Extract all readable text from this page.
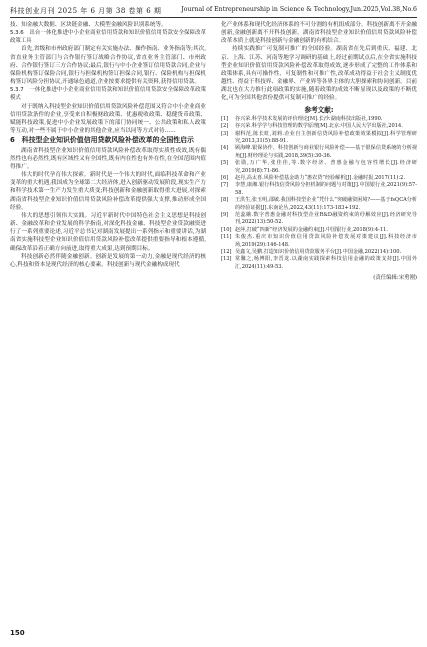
科技创业月刊 2025 年 6 月第 38 卷第 6 期	Journal of Entrepreneurship in Science & Technology,Jun.2025,Vol.38,No.6

技、知金融大数据、区块链金融、大模型金融风险识别系统等。

5.3.6　出台一体化推进中小企业商业信用贷款和知识价值信用贷款安全保障改革政策工具

首先,省级和市州政府部门制定有关实施办法、操作指南、业务指南等;其次,省直业务主管部门与合作银行签订战略合作协议,省直业务主管部门、市州政府、合作银行签订三方合作协议;最后,银行与中小企业签订信用贷款合同,企业与保险机构签订保险合同,银行与担保机构签订担保合同,银行、保险机构与担保机构签订风险分担协议,开通绿色通道,企业按要求提供有关资料,获得信用贷款。

5.3.7　一体化推进中小企业商业信用贷款和知识价值信用贷款安全保障改革政策模式

对于既纳入科技型企业知识价值信用贷款风险补偿范围又符合中小企业商业信用贷款条件的企业,享受来自积极财政政策、优惠税收政策、稳健货币政策、赋能科技政策,促进中小企业发展政策下的部门协同统一、公共政策和私人政策等互动,对一些不属于中小企业的其他企业,应当以同等方式对待……

6　科技型企业知识价值信用贷款风险补偿改革的全国性启示

湖南省科技型企业知识价值信用贷款风险补偿改革取得实质性成效,既有偶然性也有必然性,既有区域性又有全国性,既有内在性也有外在性,在全国范围内值得推广。

伟大的时代孕育伟大探索。新时代是一个伟大的时代,面临科技革命和产业变革的重大机遇,我国成为全球第二大经济体,进入创新驱动发展阶段,现实生产力和科学技术第一生产力发生重大质变;科技创新和金融创新取得重大进展,对探索湖南省科技型企业知识价值信用贷款风险补偿改革提供强大支撑,推动形成全国经验。

伟大的思想引领伟大实践。习近平新时代中国特色社会主义思想是科技创新、金融改革和企业发展的科学指南,对深化科技金融、科技型企业贷款融资进行了一系列重要论述,习近平总书记对湖南发展提出一系列指示和重要讲话,为湖南省实施科技型企业知识价值信用贷款风险补偿改革提供重要指导和根本遵循,确保改革沿着正确方向前进,取得重大成果,达到预期目标。

科技创新必然伴随金融创新。创新是发展的第一动力,金融是现代经济的核心,科技和资本是现代经济的核心要素。科技创新与现代金融构成现代

化产业体系和现代化经济体系的不可分割的有机组成部分。科技创新离不开金融创新,金融创新离不开科技创新。湖南省科技型企业知识价值信用贷款风险补偿改革本质上就是科技创新与金融创新的有机结合。

持续实践推广可复制可推广的全国经验。湖南省在先后到重庆、福建、北京、上海、江苏、河南等地学习调研的基础上,经过前期试点后,在全省实施科技型企业知识价值信用贷款风险补偿改革取得成效,逐步形成了完整的工作体系和政策体系,具有可操作性、可复制性和可推广性,改革成功得益于社会主义制度优越性、得益于科技界、金融界、产业界等各界主体的大胆探索和协同创新。目前湖北也在大力推行此项政策的实施,随着政策的成效不断显现以及政策的不断优化,可为全国其他省份提供可复制可推广的经验。

参考文献:
[1]	谷兴荣.科学技术发展的评价理论[M].长沙:湖南科技出版社,1990.
[2]	谷兴荣.科学学与科技管理的数学原理[M].北京:中国人民大学出版社,2014.
[3]	谢科范,陈长虹,刘莉.企业自主创新信贷风险补偿政策效果模拟[J].科学管理研究,2013,31(5):88-91.
[4]	顾海峰.银保协作、科技创新与商业银行风险补偿——基于银保信贷系统的分析视角[J].财经理论与实践,2018,39(5):30-36.
[5]	张勋,万广华,张佳佳,等.数字经济、普惠金融与包容性增长[J].经济研究,2019(8):71-86.
[6]	赵丹,高太喜.风险补偿基金助力“惠农贷”经验解析[J].金融时报,2017(11):2.
[7]	李慧,康湘.银行科技信贷风险分担机制的问题与对策[J].中国银行业,2021(9):57-58.
[8]	王洪生,张玉明,邵敏.我国科技型企业“凭什么”突破融资困境?——基于fsQCA分析的经验证据[J].东南论丛,2022,43(11):173-183+192.
[9]	范蕊娥.数字普惠金融对科技型企业R&D融资约束的纾解效应[J].经济研究导刊,2022(13):50-52.
[10] 赵萍,打破“四新”经济发展的金融约束[J].中国银行业,2018(9):4-11.
[11] 朱俊杰.重庆市知识价值信用贷款风险补偿发展对策建议[J].科技经济市场,2019(29):146-148.
[12] 吴鑫文,吴鹏.打造知识价值信用贷款服务平台[J].中国金融,2022(14):100.
[13] 常馨之,杨博阳,李晋龙.以湖南实践探索科技信用金融的政策支持[J].中国外汇,2024(11):49-53.
(责任编辑:宋勇刚)
150
